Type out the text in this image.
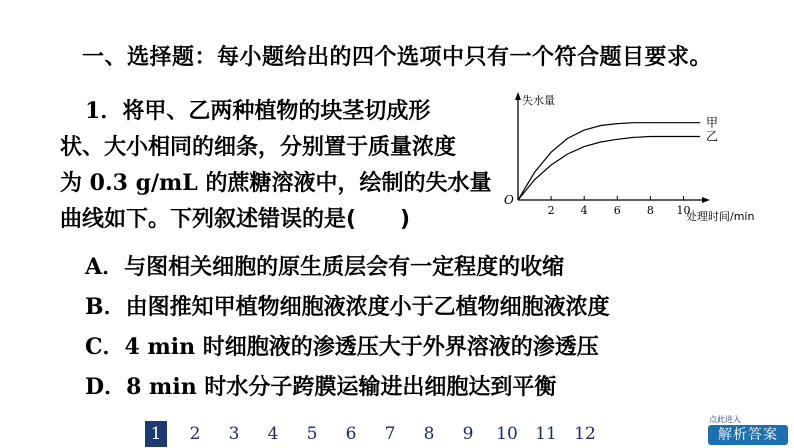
一、选择题：每小题给出的四个选项中只有一个符合题目要求。
1．将甲、乙两种植物的块茎切成形
状、大小相同的细条，分别置于质量浓度
为 0.3 g/mL 的蔗糖溶液中，绘制的失水量
曲线如下。下列叙述错误的是(　　)
A．与图相关细胞的原生质层会有一定程度的收缩
B．由图推知甲植物细胞液浓度小于乙植物细胞液浓度
C．4 min 时细胞液的渗透压大于外界溶液的渗透压
D．8 min 时水分子跨膜运输进出细胞达到平衡
失水量
处理时间/min
O
2 4 6 8 10
甲
乙
1	2	3	4	5	6	7	8	9	10 11 12
点此进入
解析答案
